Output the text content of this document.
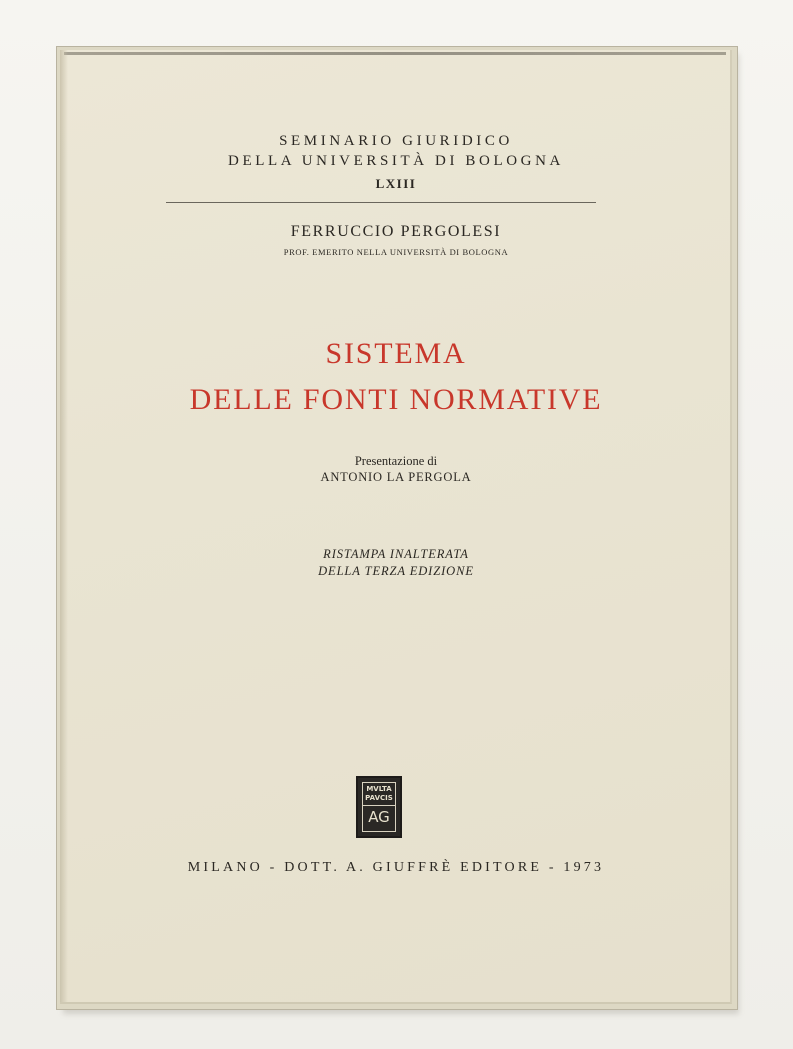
SEMINARIO GIURIDICO
DELLA UNIVERSITÀ DI BOLOGNA
LXIII
FERRUCCIO PERGOLESI
PROF. EMERITO NELLA UNIVERSITÀ DI BOLOGNA
SISTEMA
DELLE FONTI NORMATIVE
Presentazione di
ANTONIO LA PERGOLA
RISTAMPA INALTERATA
DELLA TERZA EDIZIONE
MVLTA
PAVCIS
AG
MILANO - DOTT. A. GIUFFRÈ EDITORE - 1973
